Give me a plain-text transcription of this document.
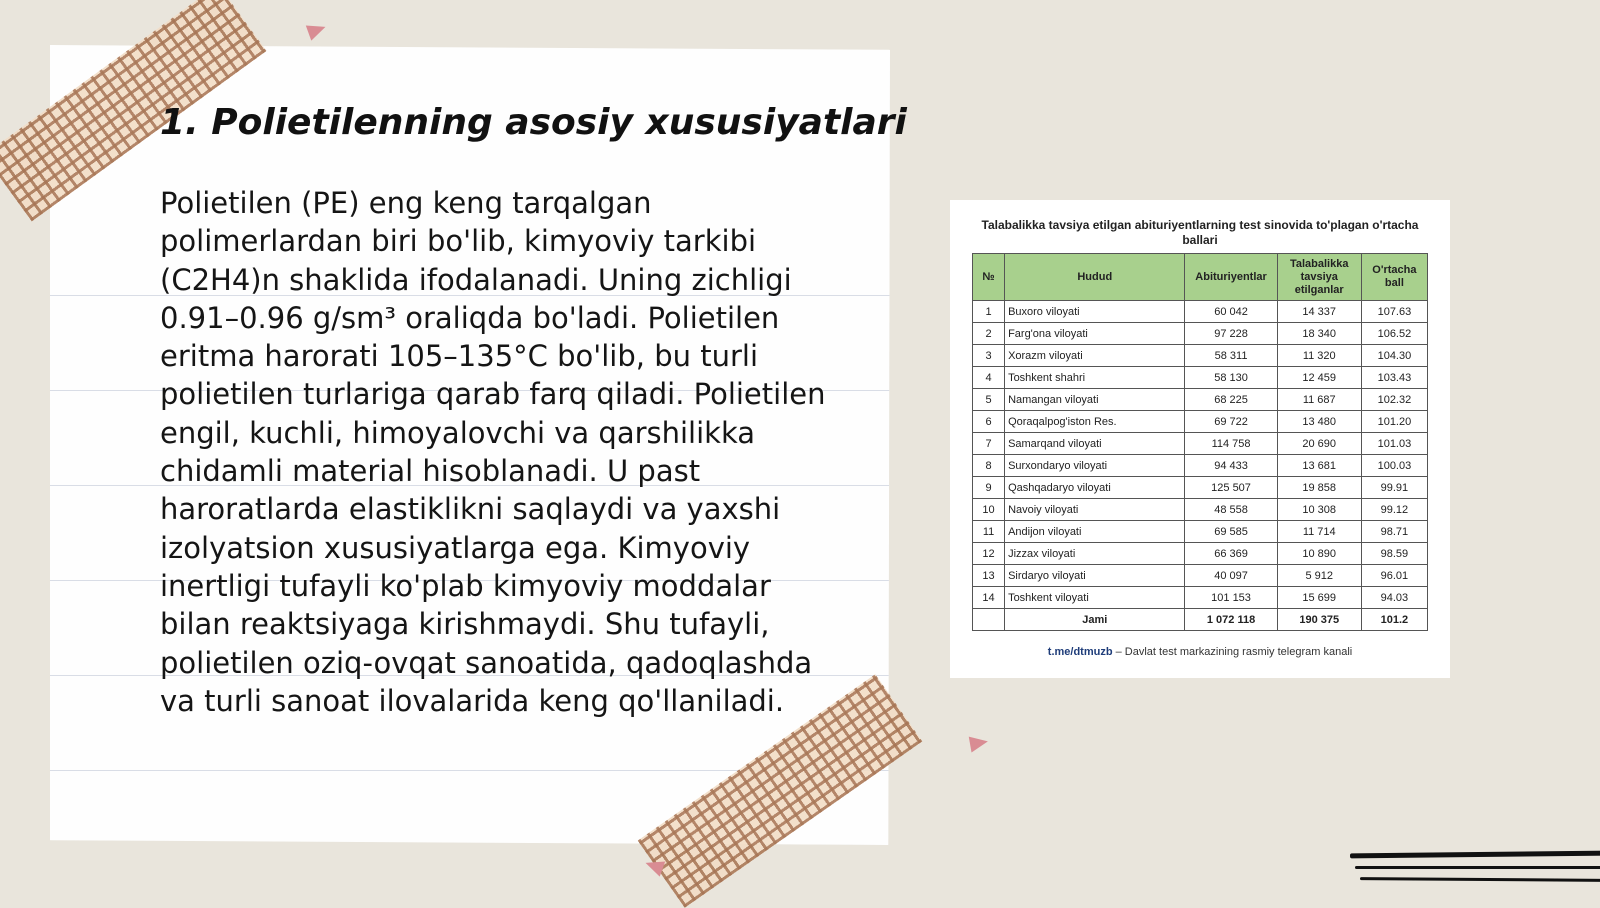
1. Polietilenning asosiy xususiyatlari

Polietilen (PE) eng keng tarqalgan polimerlardan biri bo'lib, kimyoviy tarkibi (C2H4)n shaklida ifodalanadi. Uning zichligi 0.91–0.96 g/sm³ oraliqda bo'ladi. Polietilen eritma harorati 105–135°C bo'lib, bu turli polietilen turlariga qarab farq qiladi. Polietilen engil, kuchli, himoyalovchi va qarshilikka chidamli material hisoblanadi. U past haroratlarda elastiklikni saqlaydi va yaxshi izolyatsion xususiyatlarga ega. Kimyoviy inertligi tufayli ko'plab kimyoviy moddalar bilan reaktsiyaga kirishmaydi. Shu tufayli, polietilen oziq-ovqat sanoatida, qadoqlashda va turli sanoat ilovalarida keng qo'llaniladi.

Talabalikka tavsiya etilgan abituriyentlarning test sinovida to'plagan o'rtacha ballari
№	Hudud	Abituriyentlar	Talabalikka tavsiya etilganlar	O'rtacha ball
1	Buxoro viloyati	60 042	14 337	107.63
2	Farg'ona viloyati	97 228	18 340	106.52
3	Xorazm viloyati	58 311	11 320	104.30
4	Toshkent shahri	58 130	12 459	103.43
5	Namangan viloyati	68 225	11 687	102.32
6	Qoraqalpog'iston Res.	69 722	13 480	101.20
7	Samarqand viloyati	114 758	20 690	101.03
8	Surxondaryo viloyati	94 433	13 681	100.03
9	Qashqadaryo viloyati	125 507	19 858	99.91
10	Navoiy viloyati	48 558	10 308	99.12
11	Andijon viloyati	69 585	11 714	98.71
12	Jizzax viloyati	66 369	10 890	98.59
13	Sirdaryo viloyati	40 097	5 912	96.01
14	Toshkent viloyati	101 153	15 699	94.03
	Jami	1 072 118	190 375	101.2
t.me/dtmuzb – Davlat test markazining rasmiy telegram kanali
